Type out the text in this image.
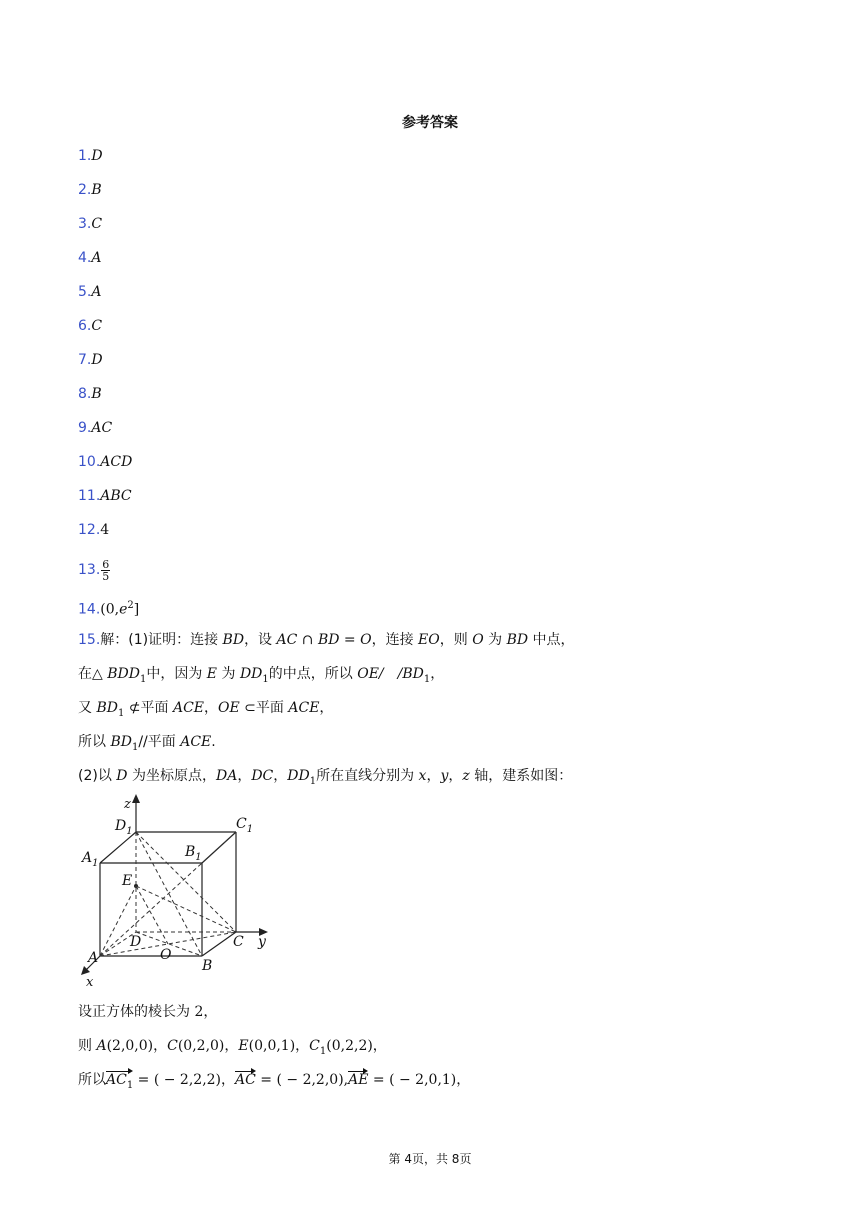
参考答案
1.D
2.B
3.C
4.A
5.A
6.C
7.D
8.B
9.AC
10.ACD
11.ABC
12.4
13. $\frac{6}{5}$
$14.(0,e^2]$
15.解：(1)证明：连接 BD，设 AC ∩ BD = O，连接 EO，则 O 为 BD 中点，
在△ $BDD_1$中，因为 E 为 $DD_1$的中点，所以 OE/　$/BD_1$，
又 $BD_1$ ⊄平面 ACE，OE ⊂平面 ACE，
所以 $BD_1//$平面 ACE.
(2)以 D 为坐标原点，DA，DC，$DD_1$所在直线分别为 x，y，z 轴，建系如图：
z
y
x
$D_1$	$C_1$
$A_1$
$B_1$
E
D	C
A	O
B
设正方体的棱长为 2，
则 A(2,0,0)，C(0,2,0)，E(0,0,1)，$C_1(0,2,2)$，
所以$AC_1$ = ( − 2,2,2)，AC = ( − 2,2,0),AE = ( − 2,0,1)，
第 4页，共 8页
